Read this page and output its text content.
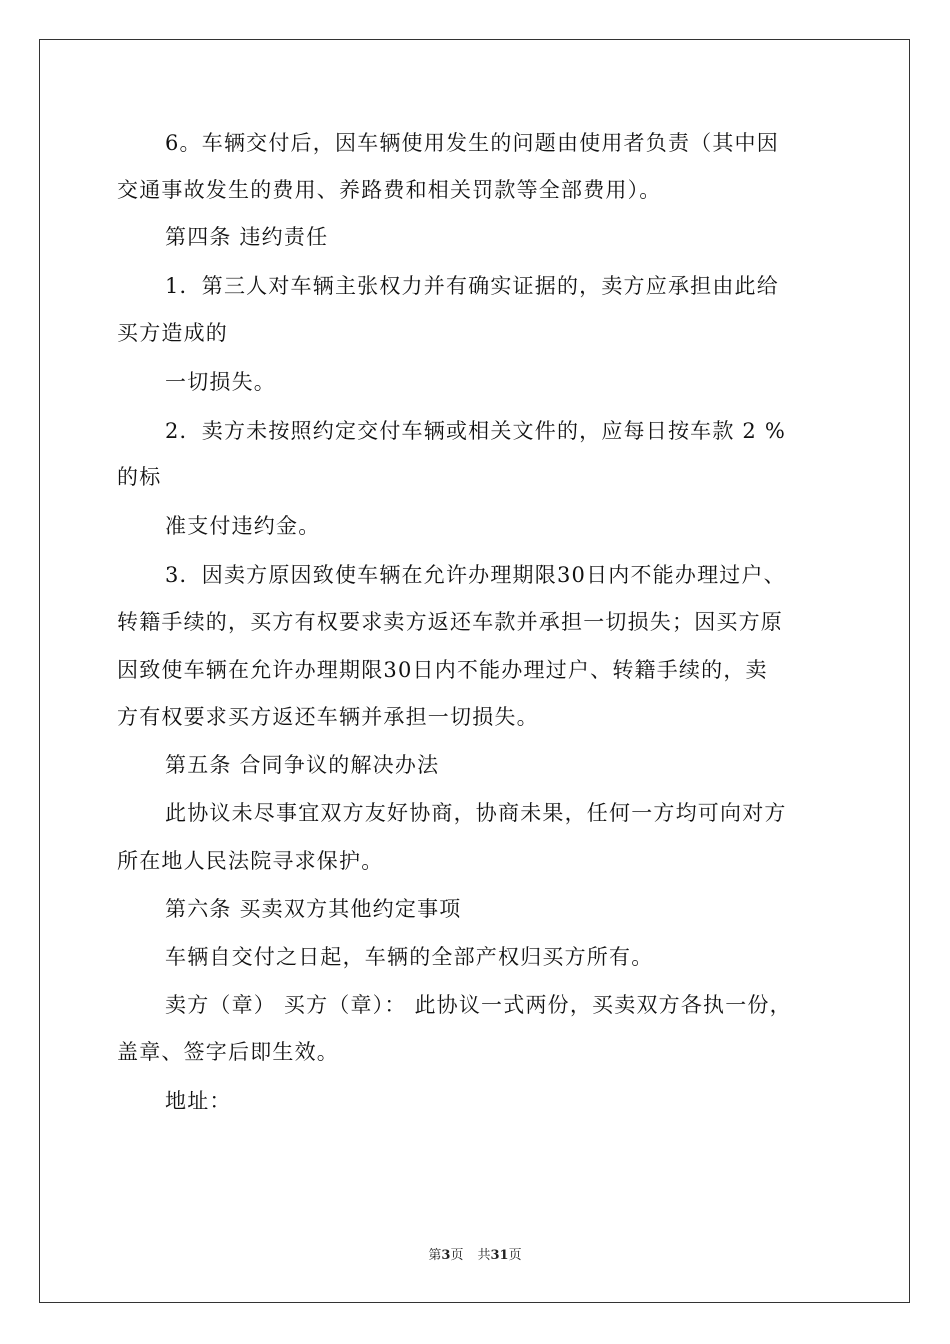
6。车辆交付后，因车辆使用发生的问题由使用者负责（其中因
交通事故发生的费用、养路费和相关罚款等全部费用）。
第四条 违约责任
1．第三人对车辆主张权力并有确实证据的，卖方应承担由此给
买方造成的
一切损失。
2．卖方未按照约定交付车辆或相关文件的，应每日按车款 2 %
的标
准支付违约金。
3．因卖方原因致使车辆在允许办理期限30日内不能办理过户、
转籍手续的，买方有权要求卖方返还车款并承担一切损失；因买方原
因致使车辆在允许办理期限30日内不能办理过户、转籍手续的，卖
方有权要求买方返还车辆并承担一切损失。
第五条 合同争议的解决办法
此协议未尽事宜双方友好协商，协商未果，任何一方均可向对方
所在地人民法院寻求保护。
第六条 买卖双方其他约定事项
车辆自交付之日起，车辆的全部产权归买方所有。
卖方（章） 买方（章）： 此协议一式两份，买卖双方各执一份，
盖章、签字后即生效。
地址：
第3页 共31页
